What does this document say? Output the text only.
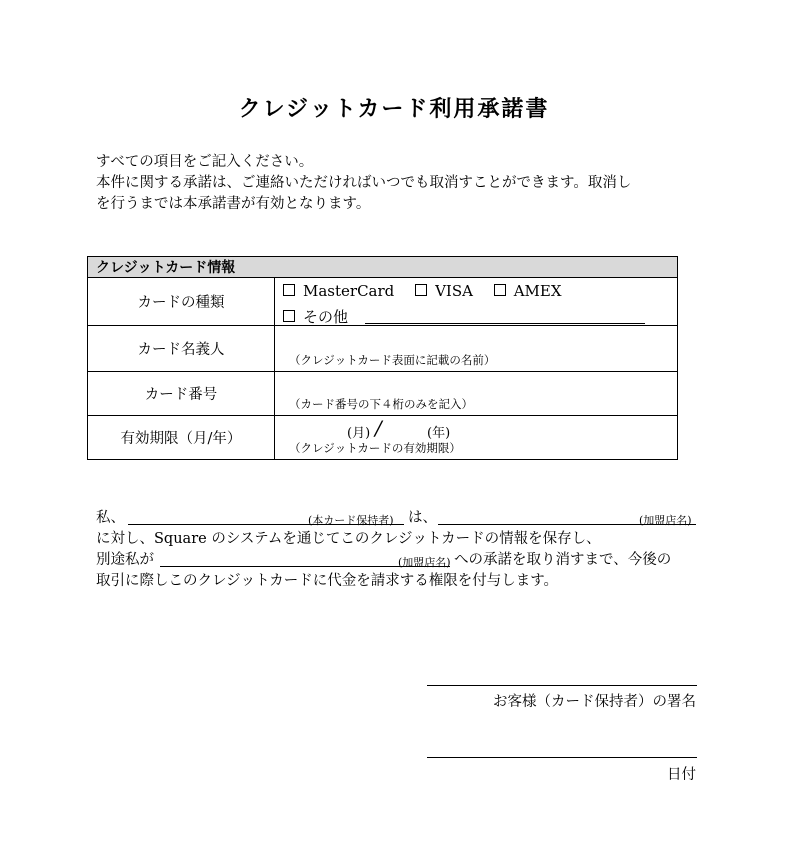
クレジットカード利用承諾書
すべての項目をご記入ください。
本件に関する承諾は、ご連絡いただければいつでも取消すことができます。取消し
を行うまでは本承諾書が有効となります。
クレジットカード情報	
カードの種類	MasterCard VISA AMEX
その他

カード名義人	（クレジットカード表面に記載の名前）

カード番号	（カード番号の下４桁のみを記入）

有効期限（月/年）	(月) / (年)
（クレジットカードの有効期限）
私、	(本カード保持者) は、	(加盟店名)
に対し、Square のシステムを通じてこのクレジットカードの情報を保存し、
別途私が	(加盟店名) への承諾を取り消すまで、今後の
取引に際しこのクレジットカードに代金を請求する権限を付与します。
お客様（カード保持者）の署名
日付
